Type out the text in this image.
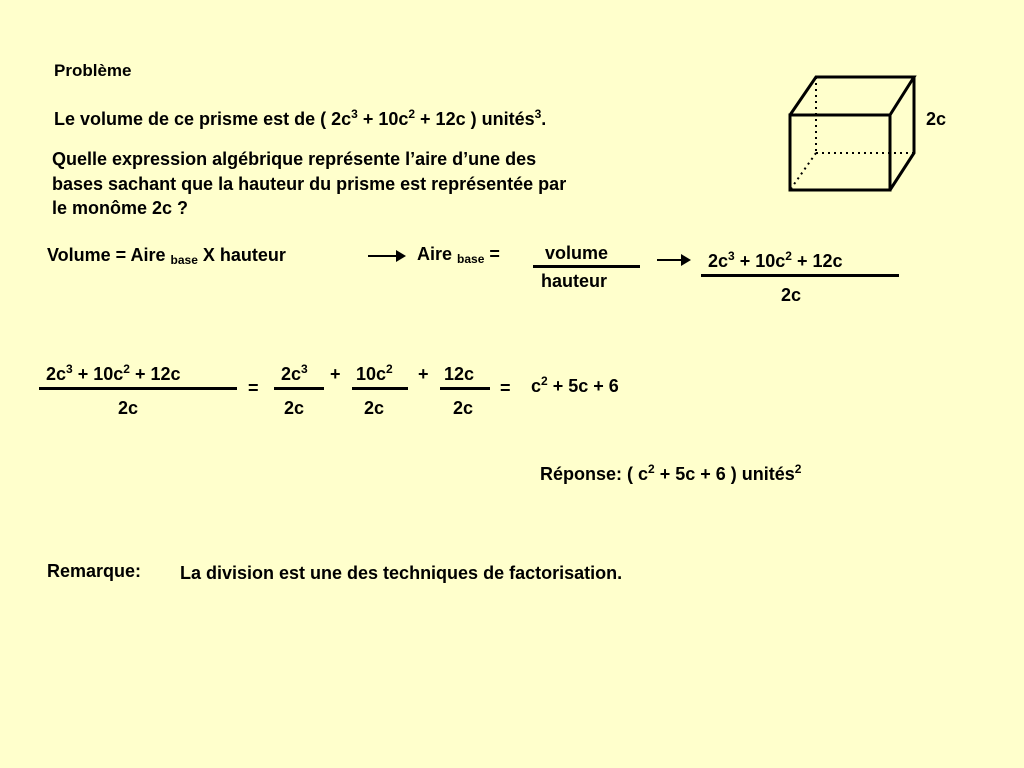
Problème
Le volume de ce prisme est de ( $2c^3 + 10c^2 + 12c$ ) unités$^3$.
Quelle expression algébrique représente l’aire d’une des
bases sachant que la hauteur du prisme est représentée par
le monôme 2c ?
2c
Volume = Aire $_{base}$ X hauteur	Aire $_{base}$ =	volume
hauteur
$2c^3 + 10c^2 + 12c$
2c
$2c^3 + 10c^2 + 12c$
2c
=
$2c^3$
2c
+ $10c^2$
2c
+ 12c
2c
= $c^2 + 5c + 6$
Réponse: ( $c^2 + 5c + 6$ ) unités$^2$
Remarque: La division est une des techniques de factorisation.
